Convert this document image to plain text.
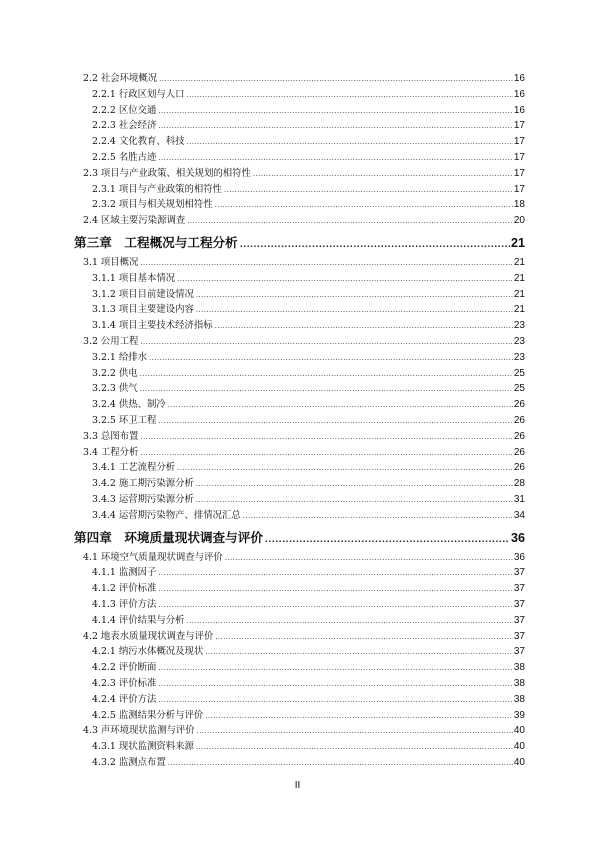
2.2 社会环境概况 .....	16
2.2.1 行政区划与人口 .....	16
2.2.2 区位交通 .....	16
2.2.3 社会经济 .....	17
2.2.4 文化教育、科技 .....	17
2.2.5 名胜古迹 .....	17
2.3 项目与产业政策、相关规划的相符性 .....	17
2.3.1 项目与产业政策的相符性 .....	17
2.3.2 项目与相关规划相符性 .....	18
2.4 区域主要污染源调查 .....	20
第三章　工程概况与工程分析 .....	21
3.1 项目概况 .....	21
3.1.1 项目基本情况 .....	21
3.1.2 项目目前建设情况 .....	21
3.1.3 项目主要建设内容 .....	21
3.1.4 项目主要技术经济指标 .....	23
3.2 公用工程 .....	23
3.2.1 给排水 .....	23
3.2.2 供电 .....	25
3.2.3 供气 .....	25
3.2.4 供热、制冷 .....	26
3.2.5 环卫工程 .....	26
3.3 总图布置 .....	26
3.4 工程分析 .....	26
3.4.1 工艺流程分析 .....	26
3.4.2 施工期污染源分析 .....	28
3.4.3 运营期污染源分析 .....	31
3.4.4 运营期污染物产、排情况汇总 .....	34
第四章　环境质量现状调查与评价 .....	36
4.1 环境空气质量现状调查与评价 .....	36
4.1.1 监测因子 .....	37
4.1.2 评价标准 .....	37
4.1.3 评价方法 .....	37
4.1.4 评价结果与分析 .....	37
4.2 地表水质量现状调查与评价 .....	37
4.2.1 纳污水体概况及现状 .....	37
4.2.2 评价断面 .....	38
4.2.3 评价标准 .....	38
4.2.4 评价方法 .....	38
4.2.5 监测结果分析与评价 .....	39
4.3 声环境现状监测与评价 .....	40
4.3.1 现状监测资料来源 .....	40
4.3.2 监测点布置 .....	40
II
